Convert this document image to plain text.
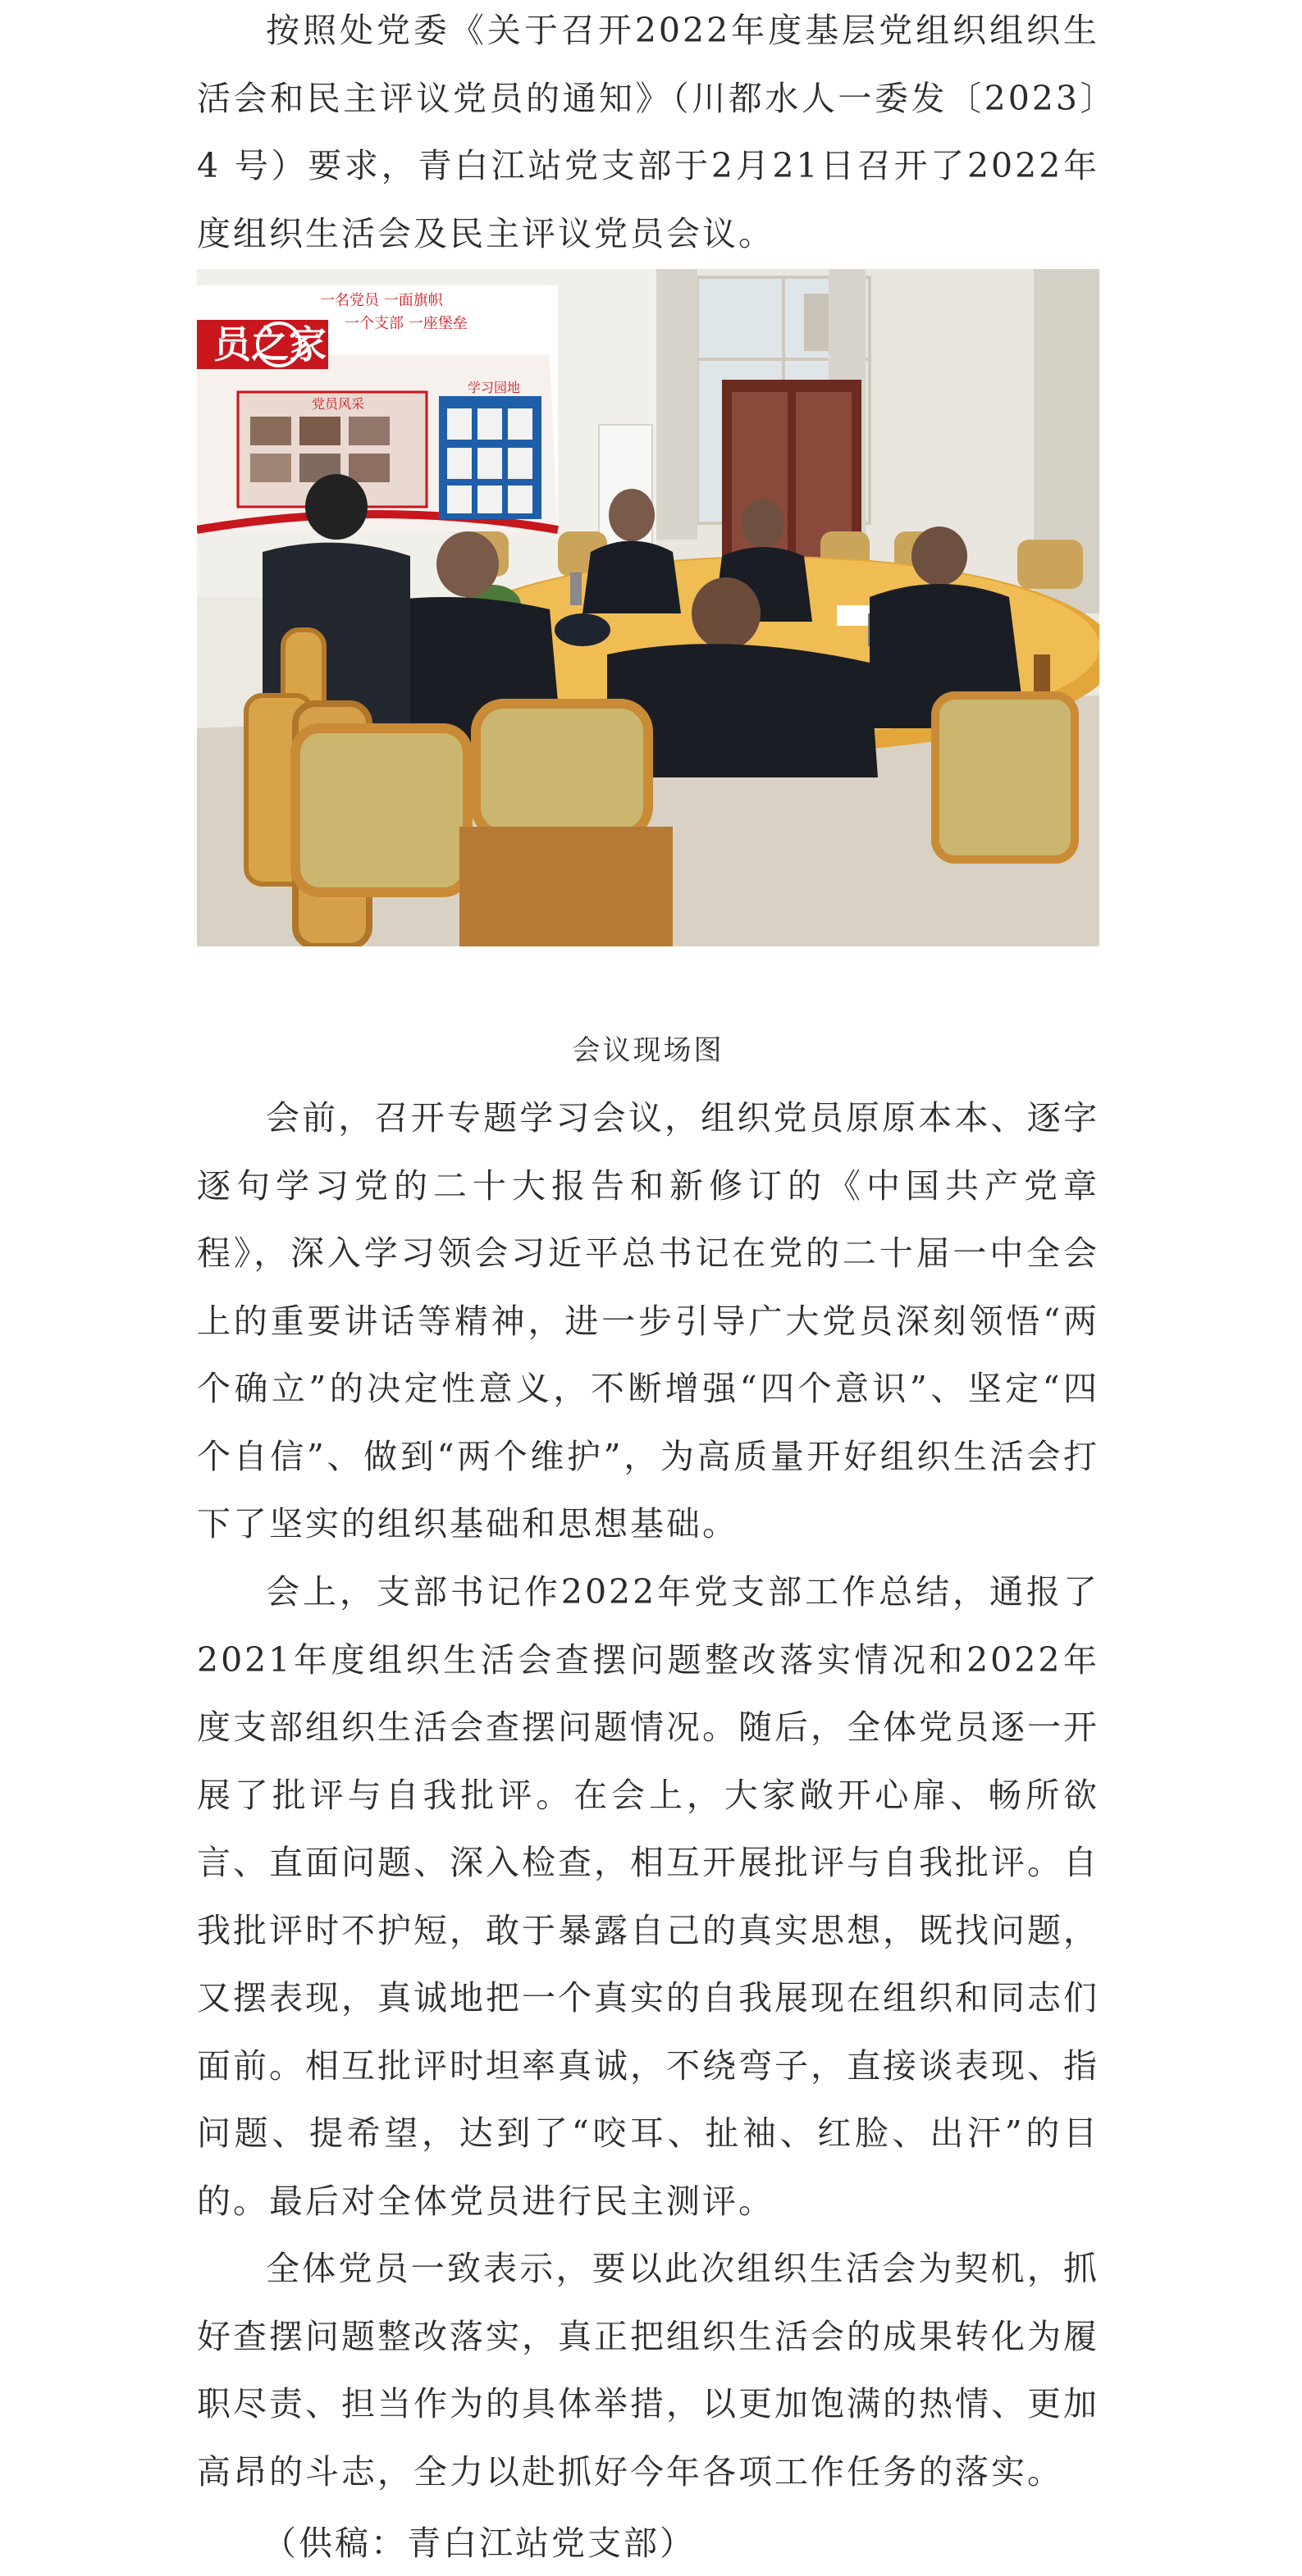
按照处党委《关于召开2022年度基层党组织组织生活会和民主评议党员的通知》（川都水人一委发〔2023〕4 号）要求，青白江站党支部于2月21日召开了2022年度组织生活会及民主评议党员会议。

员之家
一名党员 一面旗帜
一个支部 一座堡垒
党员风采
学习园地

会议现场图

会前，召开专题学习会议，组织党员原原本本、逐字逐句学习党的二十大报告和新修订的《中国共产党章程》，深入学习领会习近平总书记在党的二十届一中全会上的重要讲话等精神，进一步引导广大党员深刻领悟“两个确立”的决定性意义，不断增强“四个意识”、坚定“四个自信”、做到“两个维护”，为高质量开好组织生活会打下了坚实的组织基础和思想基础。

会上，支部书记作2022年党支部工作总结，通报了2021年度组织生活会查摆问题整改落实情况和2022年度支部组织生活会查摆问题情况。随后，全体党员逐一开展了批评与自我批评。在会上，大家敞开心扉、畅所欲言、直面问题、深入检查，相互开展批评与自我批评。自我批评时不护短，敢于暴露自己的真实思想，既找问题，又摆表现，真诚地把一个真实的自我展现在组织和同志们面前。相互批评时坦率真诚，不绕弯子，直接谈表现、指问题、提希望，达到了“咬耳、扯袖、红脸、出汗”的目的。最后对全体党员进行民主测评。

全体党员一致表示，要以此次组织生活会为契机，抓好查摆问题整改落实，真正把组织生活会的成果转化为履职尽责、担当作为的具体举措，以更加饱满的热情、更加高昂的斗志，全力以赴抓好今年各项工作任务的落实。

（供稿：青白江站党支部）
